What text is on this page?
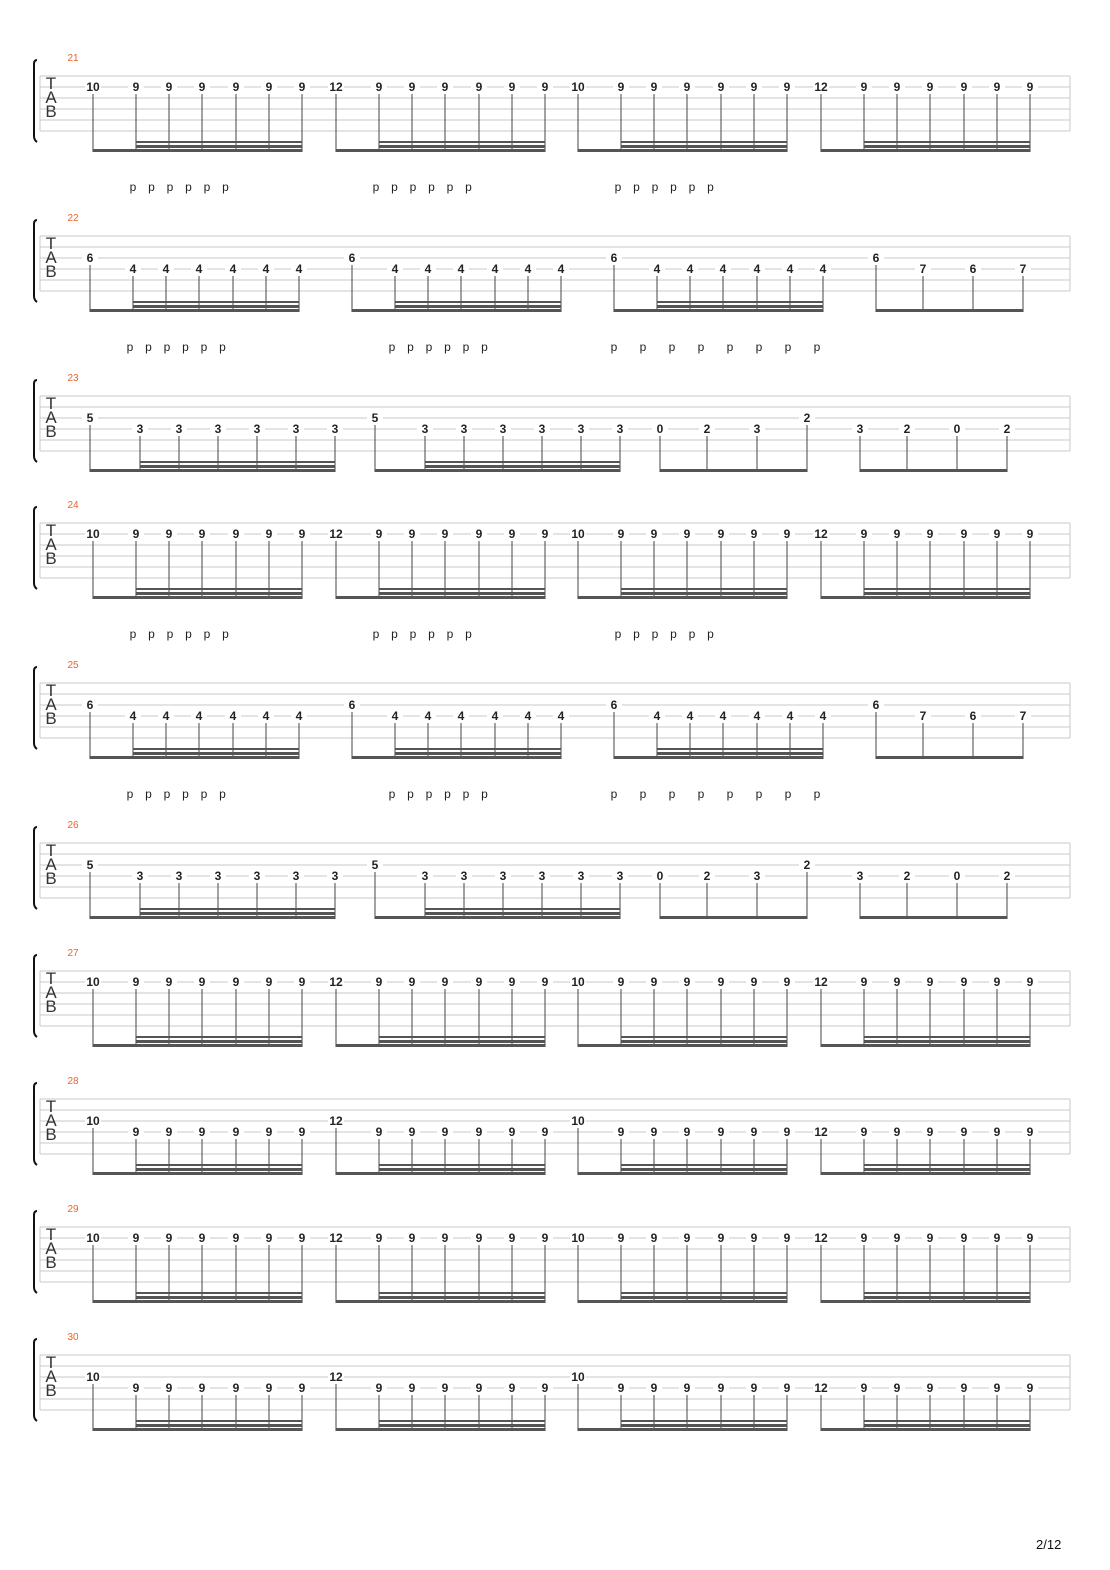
21
T
A
B
10	9 9 9 9 9 9
p p p p p p
12	9 9 9 9 9 9
p p p p p p
10	9 9 9 9 9 9
p p p p p p
12	9 9 9 9 9 9
22
T
A
B
6
4 4 4 4 4 4
p p p p p p
6
4 4 4 4 4 4
p p p p p p
6
4 4 4 4 4 4
p p p p p p p p
6
7	6	7
23
T
A
B
5
3	3	3	3	3	3
5
3	3	3	3	3	3	0	2	3
2
3	2	0	2
24
T
A
B
10	9 9 9 9 9 9
p p p p p p
12	9 9 9 9 9 9
p p p p p p
10	9 9 9 9 9 9
p p p p p p
12	9 9 9 9 9 9
25
T
A
B
6
4 4 4 4 4 4
p p p p p p
6
4 4 4 4 4 4
p p p p p p
6
4 4 4 4 4 4
p p p p p p p p
6
7	6	7
26
T
A
B
5
3	3	3	3	3	3
5
3	3	3	3	3	3	0	2	3
2
3	2	0	2
27
T
A
B
10	9 9 9 9 9 9 12	9 9 9 9 9 9 10	9 9 9 9 9 9 12	9 9 9 9 9 9
28
T
A
B
10
9 9 9 9 9 9
12
9 9 9 9 9 9
10
9 9 9 9 9 9 12	9 9 9 9 9 9
29
T
A
B
10	9 9 9 9 9 9 12	9 9 9 9 9 9 10	9 9 9 9 9 9 12	9 9 9 9 9 9
30
T
A
B
10
9 9 9 9 9 9
12
9 9 9 9 9 9
10
9 9 9 9 9 9 12	9 9 9 9 9 9
2/12
